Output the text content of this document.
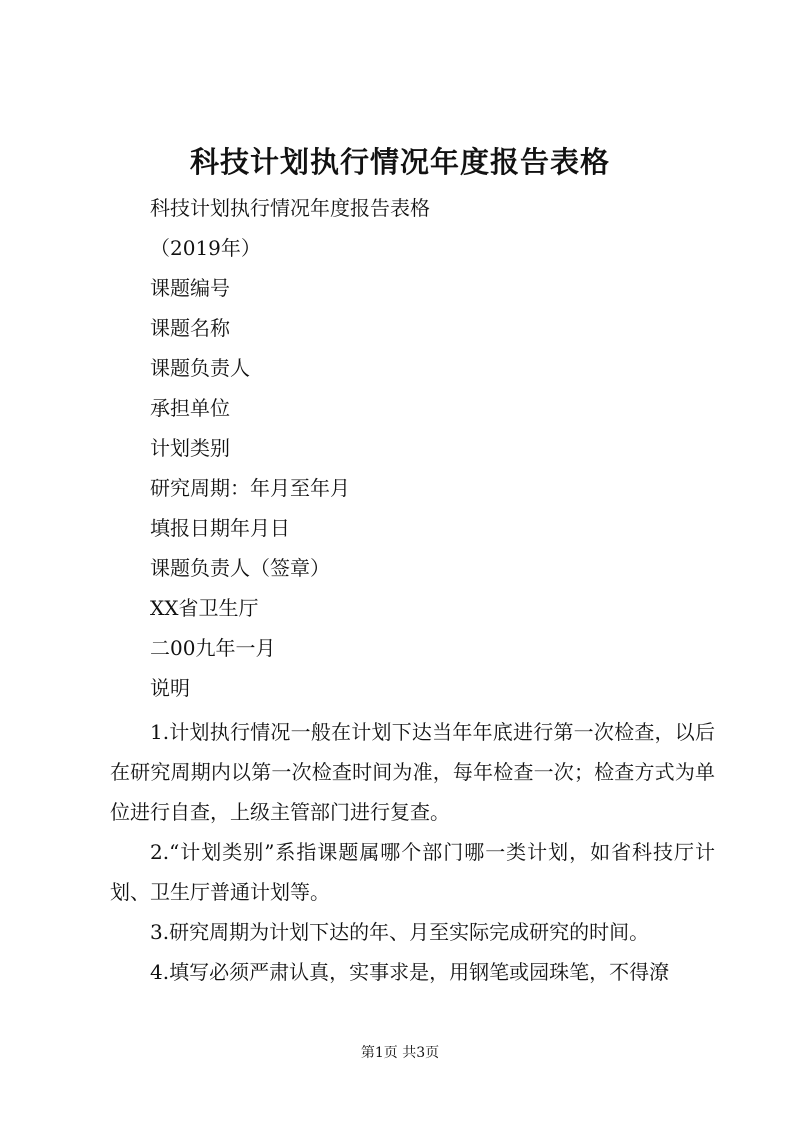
科技计划执行情况年度报告表格
科技计划执行情况年度报告表格
（2019年）
课题编号
课题名称
课题负责人
承担单位
计划类别
研究周期：年月至年月
填报日期年月日
课题负责人（签章）
XX省卫生厅
二00九年一月
说明

1.计划执行情况一般在计划下达当年年底进行第一次检查，以后在研究周期内以第一次检查时间为准，每年检查一次；检查方式为单位进行自查，上级主管部门进行复查。

2.“计划类别”系指课题属哪个部门哪一类计划，如省科技厅计划、卫生厅普通计划等。

3.研究周期为计划下达的年、月至实际完成研究的时间。

4.填写必须严肃认真，实事求是，用钢笔或园珠笔，不得潦

第1页 共3页
